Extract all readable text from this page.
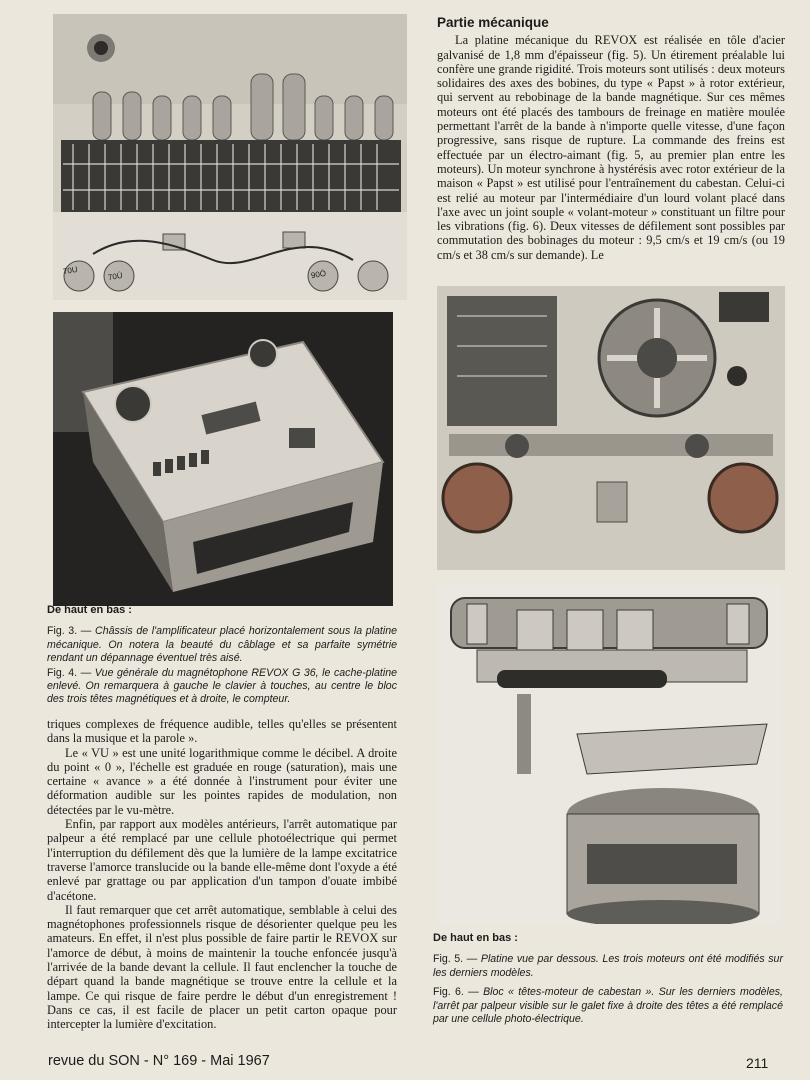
70U
70Ü	90Ö

De haut en bas :

Fig. 3. — Châssis de l'amplificateur placé horizontalement sous la platine mécanique. On notera la beauté du câblage et sa parfaite symétrie rendant un dépannage éventuel très aisé.

Fig. 4. — Vue générale du magnétophone REVOX G 36, le cache-platine enlevé. On remarquera à gauche le clavier à touches, au centre le bloc des trois têtes magnétiques et à droite, le compteur.

triques complexes de fréquence audible, telles qu'elles se présentent dans la musique et la parole ».

Le « VU » est une unité logarithmique comme le décibel. A droite du point « 0 », l'échelle est graduée en rouge (saturation), mais une certaine « avance » a été donnée à l'instrument pour éviter une déformation audible sur les pointes rapides de modulation, non détectées par le vu-mètre.

Enfin, par rapport aux modèles antérieurs, l'arrêt automatique par palpeur a été remplacé par une cellule photoélectrique qui permet l'interruption du défilement dès que la lumière de la lampe excitatrice traverse l'amorce translucide ou la bande elle-même dont l'oxyde a été enlevé par grattage ou par application d'un tampon d'ouate imbibé d'acétone.

Il faut remarquer que cet arrêt automatique, semblable à celui des magnétophones professionnels risque de désorienter quelque peu les amateurs. En effet, il n'est plus possible de faire partir le REVOX sur l'amorce de début, à moins de maintenir la touche enfoncée jusqu'à l'arrivée de la bande devant la cellule. Il faut enclencher la touche de départ quand la bande magnétique se trouve entre la cellule et la lampe. Ce qui risque de faire perdre le début d'un enregistrement ! Dans ce cas, il est facile de placer un petit carton opaque pour intercepter la lumière d'excitation.

Partie mécanique

La platine mécanique du REVOX est réalisée en tôle d'acier galvanisé de 1,8 mm d'épaisseur (fig. 5). Un étirement préalable lui confère une grande rigidité. Trois moteurs sont utilisés : deux moteurs solidaires des axes des bobines, du type « Papst » à rotor extérieur, qui servent au rebobinage de la bande magnétique. Sur ces mêmes moteurs ont été placés des tambours de freinage en matière moulée permettant l'arrêt de la bande à n'importe quelle vitesse, d'une façon progressive, sans risque de rupture. La commande des freins est effectuée par un électro-aimant (fig. 5, au premier plan entre les moteurs). Un moteur synchrone à hystérésis avec rotor extérieur de la maison « Papst » est utilisé pour l'entraînement du cabestan. Celui-ci est relié au moteur par l'intermédiaire d'un lourd volant placé dans l'axe avec un joint souple « volant-moteur » constituant un filtre pour les vibrations (fig. 6). Deux vitesses de défilement sont possibles par commutation des bobinages du moteur : 9,5 cm/s et 19 cm/s (ou 19 cm/s et 38 cm/s sur demande). Le

De haut en bas :

Fig. 5. — Platine vue par dessous. Les trois moteurs ont été modifiés sur les derniers modèles.

Fig. 6. — Bloc « têtes-moteur de cabestan ». Sur les derniers modèles, l'arrêt par palpeur visible sur le galet fixe à droite des têtes a été remplacé par une cellule photo-électrique.

revue du SON - N° 169 - Mai 1967	211
